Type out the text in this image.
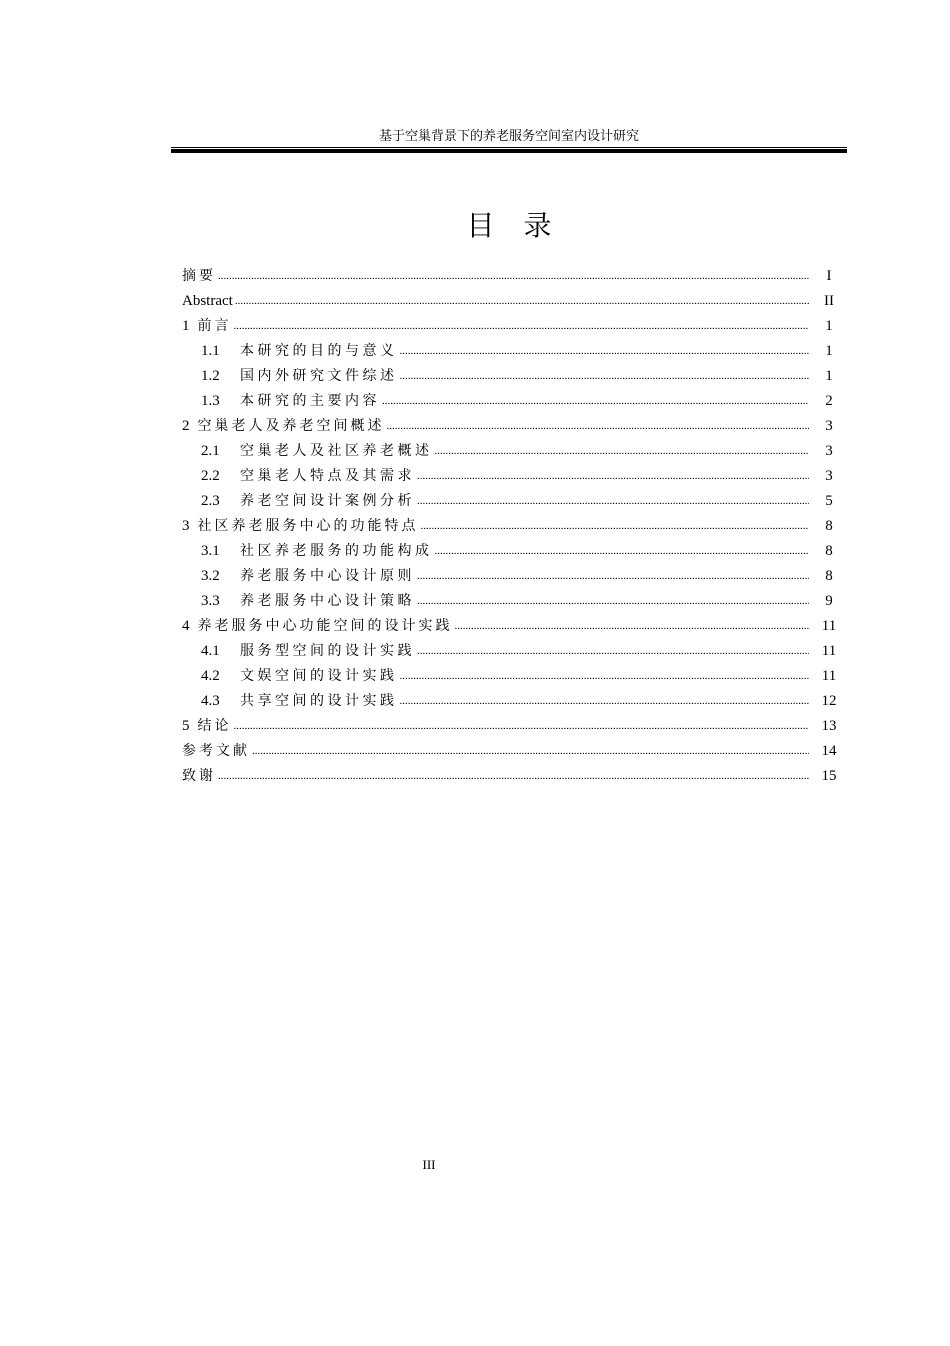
基于空巢背景下的养老服务空间室内设计研究
目 录
摘要 .....	I
Abstract .....	II
1 前言 .....	1
1.1	本研究的目的与意义 .....	1
1.2	国内外研究文件综述 .....	1
1.3	本研究的主要内容 .....	2
2 空巢老人及养老空间概述 .....	3
2.1	空巢老人及社区养老概述 .....	3
2.2	空巢老人特点及其需求 .....	3
2.3	养老空间设计案例分析 .....	5
3 社区养老服务中心的功能特点 .....	8
3.1	社区养老服务的功能构成 .....	8
3.2	养老服务中心设计原则 .....	8
3.3	养老服务中心设计策略 .....	9
4 养老服务中心功能空间的设计实践 .....	11
4.1	服务型空间的设计实践 .....	11
4.2	文娱空间的设计实践 .....	11
4.3	共享空间的设计实践 .....	12
5 结论 .....	13
参考文献 .....	14
致谢 .....	15
III
